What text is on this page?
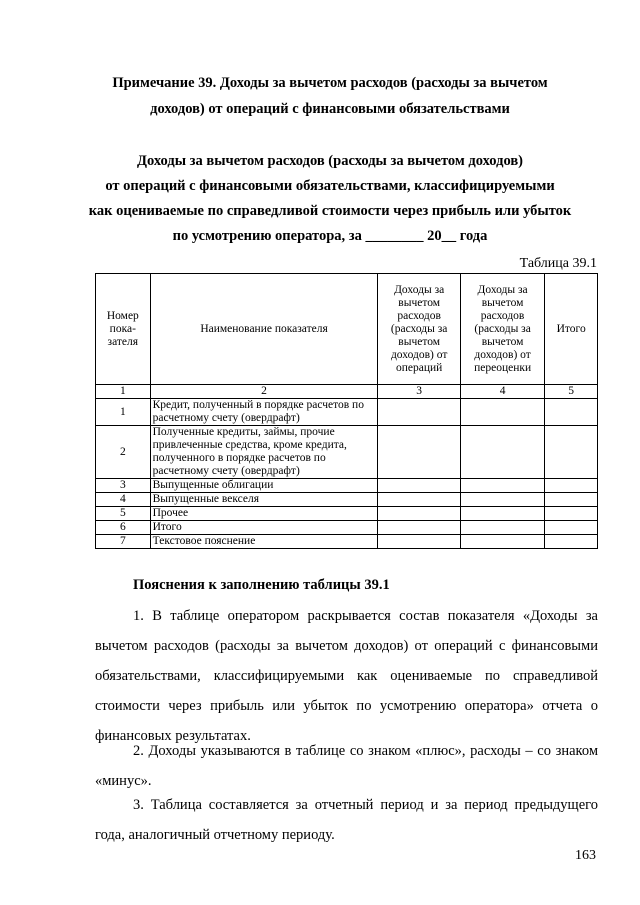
Примечание 39. Доходы за вычетом расходов (расходы за вычетом
доходов) от операций с финансовыми обязательствами
Доходы за вычетом расходов (расходы за вычетом доходов)
от операций с финансовыми обязательствами, классифицируемыми
как оцениваемые по справедливой стоимости через прибыль или убыток
по усмотрению оператора, за ________ 20__ года
Таблица 39.1
Номер пока-зателя	Наименование показателя	Доходы за вычетом расходов (расходы за вычетом доходов) от операций	Доходы за вычетом расходов (расходы за вычетом доходов) от переоценки	Итого
1	2	3	4	5
1	Кредит, полученный в порядке расчетов по расчетному счету (овердрафт)			
2	Полученные кредиты, займы, прочие привлеченные средства, кроме кредита, полученного в порядке расчетов по расчетному счету (овердрафт)			
3	Выпущенные облигации			
4	Выпущенные векселя			
5	Прочее			
6	Итого			
7	Текстовое пояснение			
Пояснения к заполнению таблицы 39.1
1. В таблице оператором раскрывается состав показателя «Доходы за вычетом расходов (расходы за вычетом доходов) от операций с финансовыми обязательствами, классифицируемыми как оцениваемые по справедливой стоимости через прибыль или убыток по усмотрению оператора» отчета о финансовых результатах.
2. Доходы указываются в таблице со знаком «плюс», расходы – со знаком «минус».
3. Таблица составляется за отчетный период и за период предыдущего года, аналогичный отчетному периоду.
163
